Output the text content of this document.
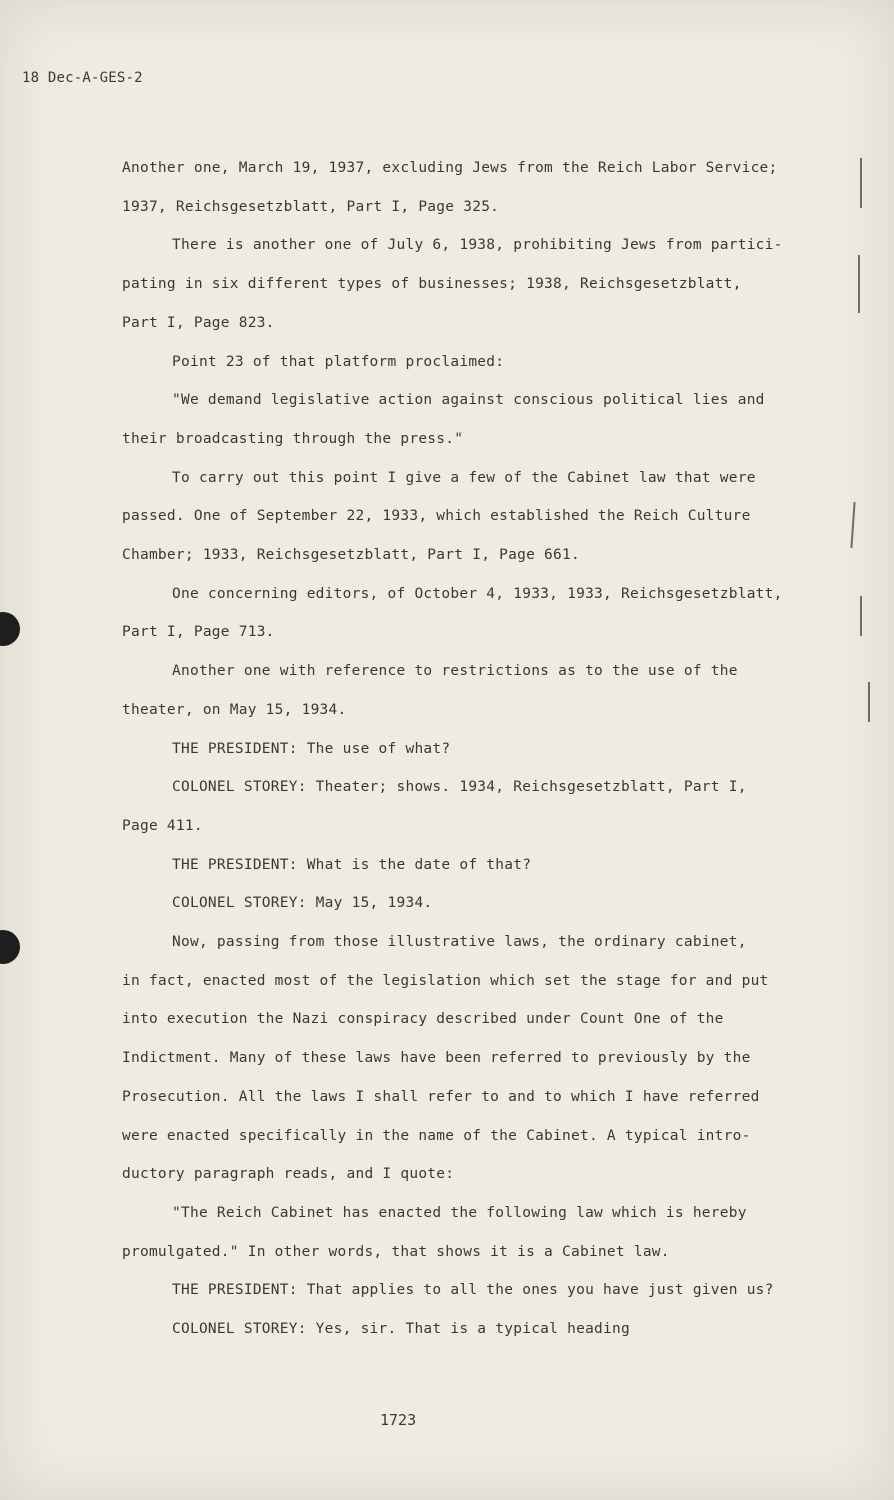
18 Dec-A-GES-2
Another one, March 19, 1937, excluding Jews from the Reich Labor Service;
1937, Reichsgesetzblatt, Part I, Page 325.
There is another one of July 6, 1938, prohibiting Jews from partici-
pating in six different types of businesses; 1938, Reichsgesetzblatt,
Part I, Page 823.
Point 23 of that platform proclaimed:
"We demand legislative action against conscious political lies and
their broadcasting through the press."
To carry out this point I give a few of the Cabinet law that were
passed. One of September 22, 1933, which established the Reich Culture
Chamber; 1933, Reichsgesetzblatt, Part I, Page 661.
One concerning editors, of October 4, 1933, 1933, Reichsgesetzblatt,
Part I, Page 713.
Another one with reference to restrictions as to the use of the
theater, on May 15, 1934.
THE PRESIDENT: The use of what?
COLONEL STOREY: Theater; shows. 1934, Reichsgesetzblatt, Part I,
Page 411.
THE PRESIDENT: What is the date of that?
COLONEL STOREY: May 15, 1934.
Now, passing from those illustrative laws, the ordinary cabinet,
in fact, enacted most of the legislation which set the stage for and put
into execution the Nazi conspiracy described under Count One of the
Indictment. Many of these laws have been referred to previously by the
Prosecution. All the laws I shall refer to and to which I have referred
were enacted specifically in the name of the Cabinet. A typical intro-
ductory paragraph reads, and I quote:
"The Reich Cabinet has enacted the following law which is hereby
promulgated." In other words, that shows it is a Cabinet law.
THE PRESIDENT: That applies to all the ones you have just given us?
COLONEL STOREY: Yes, sir. That is a typical heading
1723
